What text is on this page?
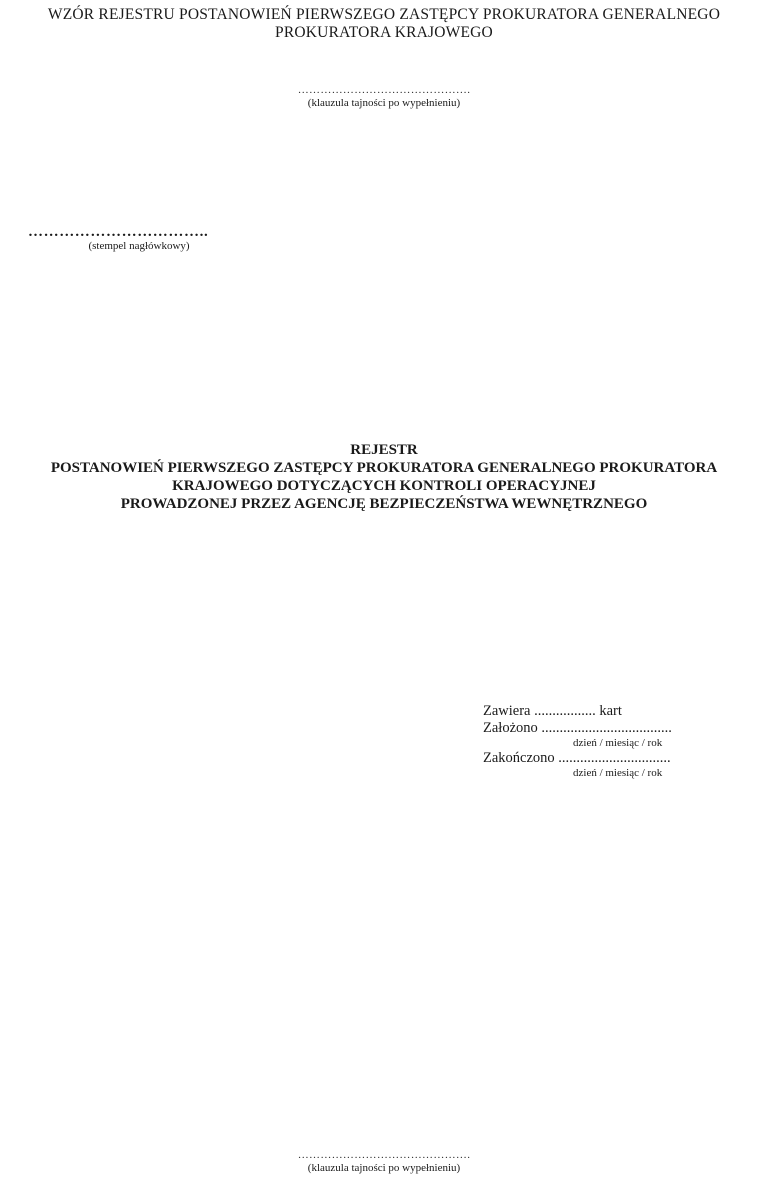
WZÓR REJESTRU POSTANOWIEŃ PIERWSZEGO ZASTĘPCY PROKURATORA GENERALNEGO
PROKURATORA KRAJOWEGO
……………………………………….
(klauzula tajności po wypełnieniu)
……………………………..
(stempel nagłówkowy)
REJESTR
POSTANOWIEŃ PIERWSZEGO ZASTĘPCY PROKURATORA GENERALNEGO PROKURATORA
KRAJOWEGO DOTYCZĄCYCH KONTROLI OPERACYJNEJ
PROWADZONEJ PRZEZ AGENCJĘ BEZPIECZEŃSTWA WEWNĘTRZNEGO
Zawiera ................. kart
Założono ....................................
dzień / miesiąc / rok
Zakończono ...............................
dzień / miesiąc / rok
……………………………………….
(klauzula tajności po wypełnieniu)
